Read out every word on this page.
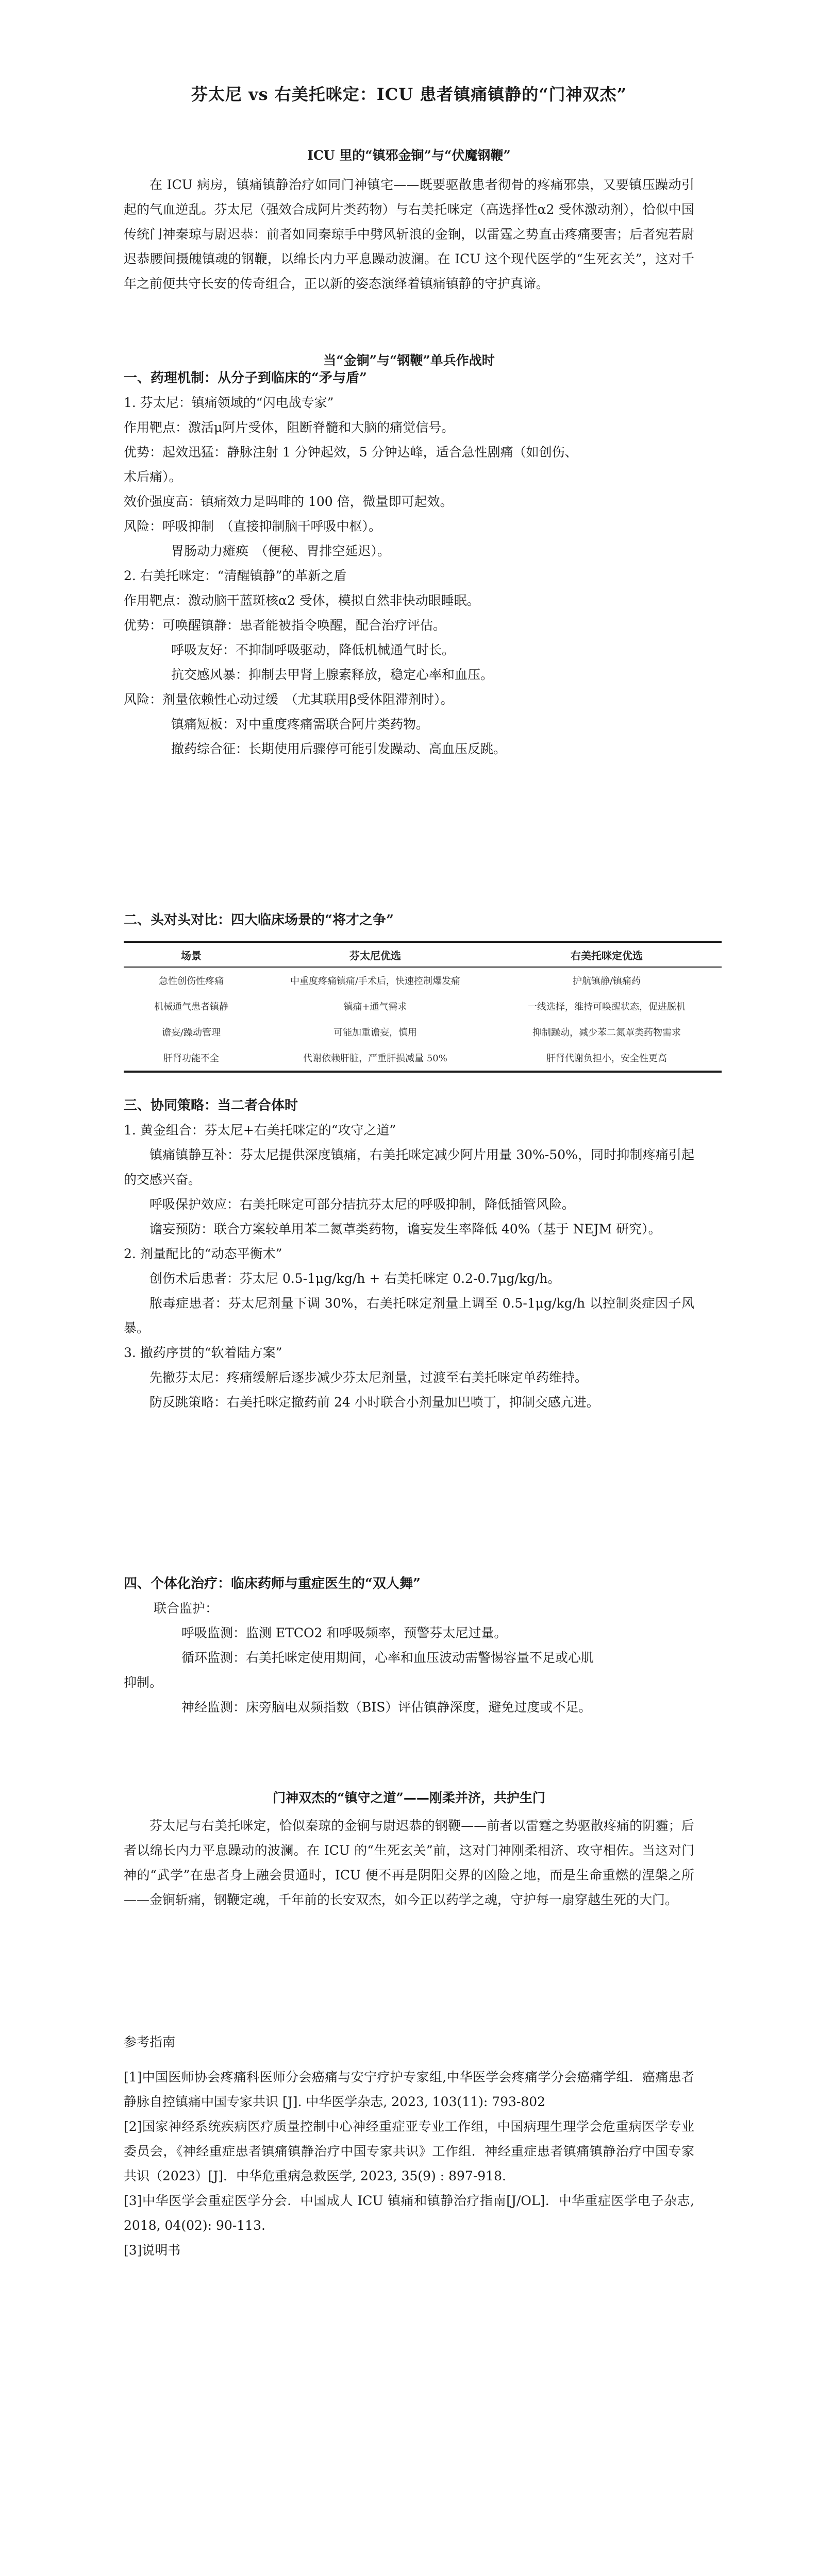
芬太尼 vs 右美托咪定：ICU 患者镇痛镇静的“门神双杰”
ICU 里的“镇邪金锏”与“伏魔钢鞭”
在 ICU 病房，镇痛镇静治疗如同门神镇宅——既要驱散患者彻骨的疼痛邪祟，又要镇压躁动引起的气血逆乱。芬太尼（强效合成阿片类药物）与右美托咪定（高选择性α2 受体激动剂），恰似中国传统门神秦琼与尉迟恭：前者如同秦琼手中劈风斩浪的金锏，以雷霆之势直击疼痛要害；后者宛若尉迟恭腰间摄魄镇魂的钢鞭，以绵长内力平息躁动波澜。在 ICU 这个现代医学的“生死玄关”，这对千年之前便共守长安的传奇组合，正以新的姿态演绎着镇痛镇静的守护真谛。
当“金锏”与“钢鞭”单兵作战时
一、药理机制：从分子到临床的“矛与盾”
1. 芬太尼：镇痛领域的“闪电战专家”
作用靶点：激活μ阿片受体，阻断脊髓和大脑的痛觉信号。
优势：起效迅猛：静脉注射 1 分钟起效，5 分钟达峰，适合急性剧痛（如创伤、
术后痛）。
效价强度高：镇痛效力是吗啡的 100 倍，微量即可起效。
风险：呼吸抑制　（直接抑制脑干呼吸中枢）。
胃肠动力瘫痪　（便秘、胃排空延迟）。
2. 右美托咪定：“清醒镇静”的革新之盾
作用靶点：激动脑干蓝斑核α2 受体，模拟自然非快动眼睡眠。
优势：可唤醒镇静：患者能被指令唤醒，配合治疗评估。
呼吸友好：不抑制呼吸驱动，降低机械通气时长。
抗交感风暴：抑制去甲肾上腺素释放，稳定心率和血压。
风险：剂量依赖性心动过缓　（尤其联用β受体阻滞剂时）。
镇痛短板：对中重度疼痛需联合阿片类药物。
撤药综合征：长期使用后骤停可能引发躁动、高血压反跳。
二、头对头对比：四大临床场景的“将才之争”
场景	芬太尼优选	右美托咪定优选
急性创伤性疼痛	中重度疼痛镇痛/手术后，快速控制爆发痛	护航镇静/镇痛药
机械通气患者镇静	镇痛+通气需求	一线选择，维持可唤醒状态，促进脱机
谵妄/躁动管理	可能加重谵妄，慎用	抑制躁动，减少苯二氮䓬类药物需求
肝肾功能不全	代谢依赖肝脏，严重肝损减量 50%	肝肾代谢负担小，安全性更高
三、协同策略：当二者合体时
1. 黄金组合：芬太尼+右美托咪定的“攻守之道”
镇痛镇静互补：芬太尼提供深度镇痛，右美托咪定减少阿片用量 30%-50%，同时抑制疼痛引起的交感兴奋。
呼吸保护效应：右美托咪定可部分拮抗芬太尼的呼吸抑制，降低插管风险。
谵妄预防：联合方案较单用苯二氮䓬类药物，谵妄发生率降低 40%（基于 NEJM 研究）。
2. 剂量配比的“动态平衡术”
创伤术后患者：芬太尼 0.5-1μg/kg/h + 右美托咪定 0.2-0.7μg/kg/h。
脓毒症患者：芬太尼剂量下调 30%，右美托咪定剂量上调至 0.5-1μg/kg/h 以控制炎症因子风暴。
3. 撤药序贯的“软着陆方案”
先撤芬太尼：疼痛缓解后逐步减少芬太尼剂量，过渡至右美托咪定单药维持。
防反跳策略：右美托咪定撤药前 24 小时联合小剂量加巴喷丁，抑制交感亢进。
四、个体化治疗：临床药师与重症医生的“双人舞”
联合监护：
呼吸监测：监测 ETCO2 和呼吸频率，预警芬太尼过量。
循环监测：右美托咪定使用期间，心率和血压波动需警惕容量不足或心肌
抑制。
神经监测：床旁脑电双频指数（BIS）评估镇静深度，避免过度或不足。
门神双杰的“镇守之道”——刚柔并济，共护生门
芬太尼与右美托咪定，恰似秦琼的金锏与尉迟恭的钢鞭——前者以雷霆之势驱散疼痛的阴霾；后者以绵长内力平息躁动的波澜。在 ICU 的“生死玄关”前，这对门神刚柔相济、攻守相佐。当这对门神的“武学”在患者身上融会贯通时，ICU 便不再是阴阳交界的凶险之地，而是生命重燃的涅槃之所——金锏斩痛，钢鞭定魂，千年前的长安双杰，如今正以药学之魂，守护每一扇穿越生死的大门。
参考指南
[1]中国医师协会疼痛科医师分会癌痛与安宁疗护专家组,中华医学会疼痛学分会癌痛学组．癌痛患者静脉自控镇痛中国专家共识 [J]. 中华医学杂志, 2023, 103(11): 793-802
[2]国家神经系统疾病医疗质量控制中心神经重症亚专业工作组，中国病理生理学会危重病医学专业委员会，《神经重症患者镇痛镇静治疗中国专家共识》工作组．神经重症患者镇痛镇静治疗中国专家共识（2023）[J]．中华危重病急救医学, 2023, 35(9) : 897-918.
[3]中华医学会重症医学分会．中国成人 ICU 镇痛和镇静治疗指南[J/OL]．中华重症医学电子杂志, 2018, 04(02): 90-113.
[3]说明书
